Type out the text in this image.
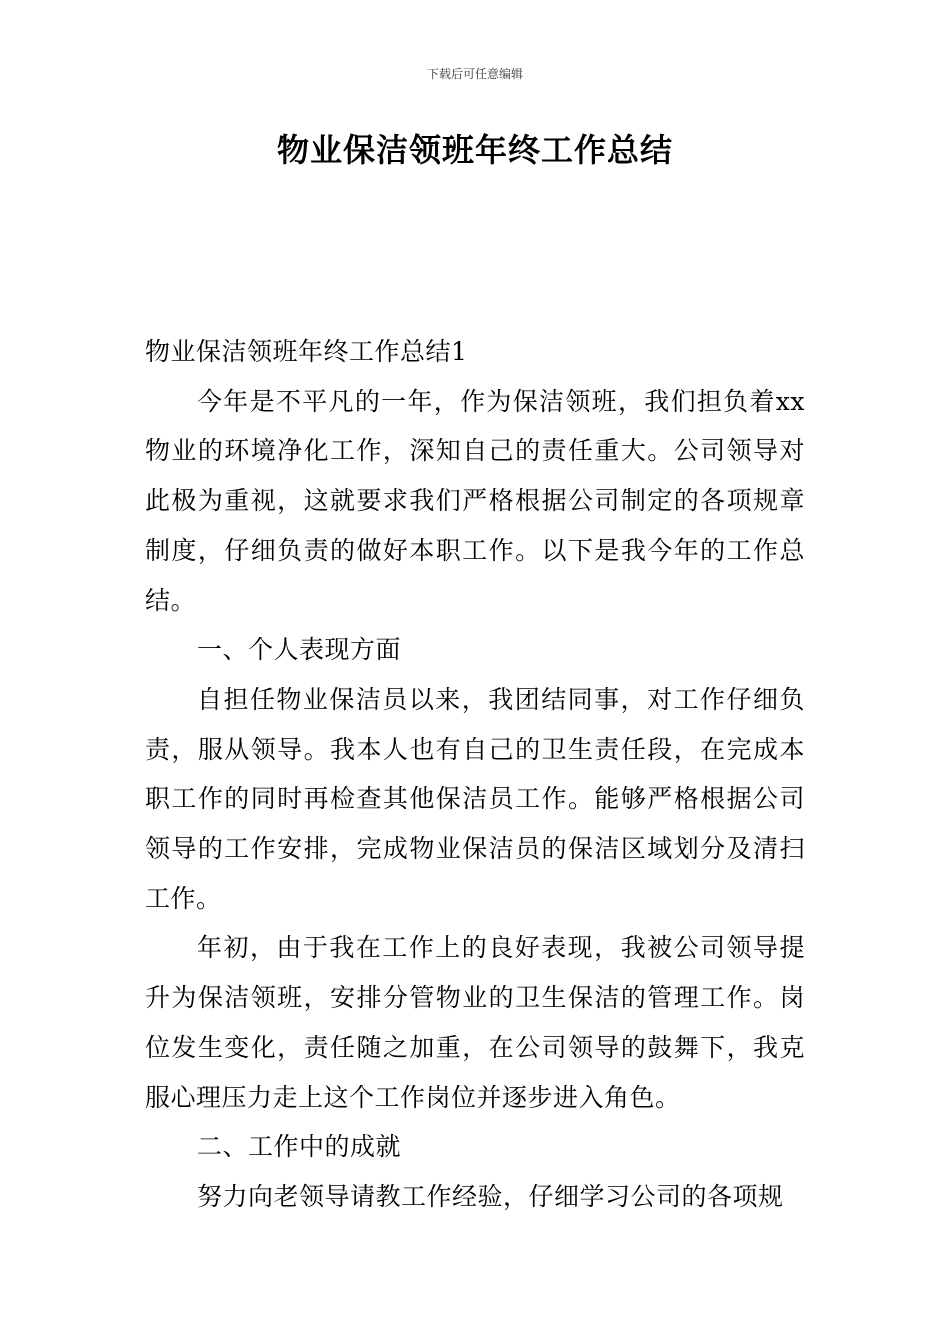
下载后可任意编辑
物业保洁领班年终工作总结

物业保洁领班年终工作总结1

今年是不平凡的一年，作为保洁领班，我们担负着xx物业的环境净化工作，深知自己的责任重大。公司领导对此极为重视，这就要求我们严格根据公司制定的各项规章制度，仔细负责的做好本职工作。以下是我今年的工作总结。

一、个人表现方面

自担任物业保洁员以来，我团结同事，对工作仔细负责，服从领导。我本人也有自己的卫生责任段，在完成本职工作的同时再检查其他保洁员工作。能够严格根据公司领导的工作安排，完成物业保洁员的保洁区域划分及清扫工作。

年初，由于我在工作上的良好表现，我被公司领导提升为保洁领班，安排分管物业的卫生保洁的管理工作。岗位发生变化，责任随之加重，在公司领导的鼓舞下，我克服心理压力走上这个工作岗位并逐步进入角色。

二、工作中的成就

努力向老领导请教工作经验，仔细学习公司的各项规
